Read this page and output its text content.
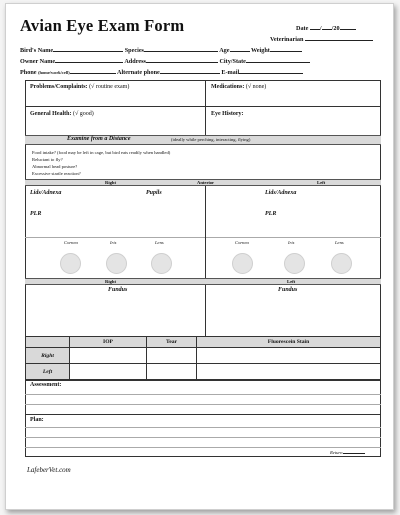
Avian Eye Exam Form	Date / /20
Veterinarian
Bird's Name	Species	Age	Weight
Owner Name	Address	City/State
Phone (home/work/cell)	Alternate phone	E-mail
Problems/Complaints: (√ routine exam)	Medications: (√ none)
General Health: (√ good)	Eye History:
Examine from a Distance	(ideally while perching, interacting, flying)
Food intake? (food may be left in cage, but bird eats readily when handled)
Reluctant to fly?
Abnormal head posture?
Excessive startle reaction?
Right	Anterior	Left
Lids/Adnexa	Pupils
PLR
Lids/Adnexa
PLR
Cornea	Iris	Lens	Cornea	Iris	Lens
Right	Left
Fundus	Fundus
	IOP	Tear	Fluorescein Stain
Right			
Left			
Assessment:
Plan:
Return
LafeberVet.com
